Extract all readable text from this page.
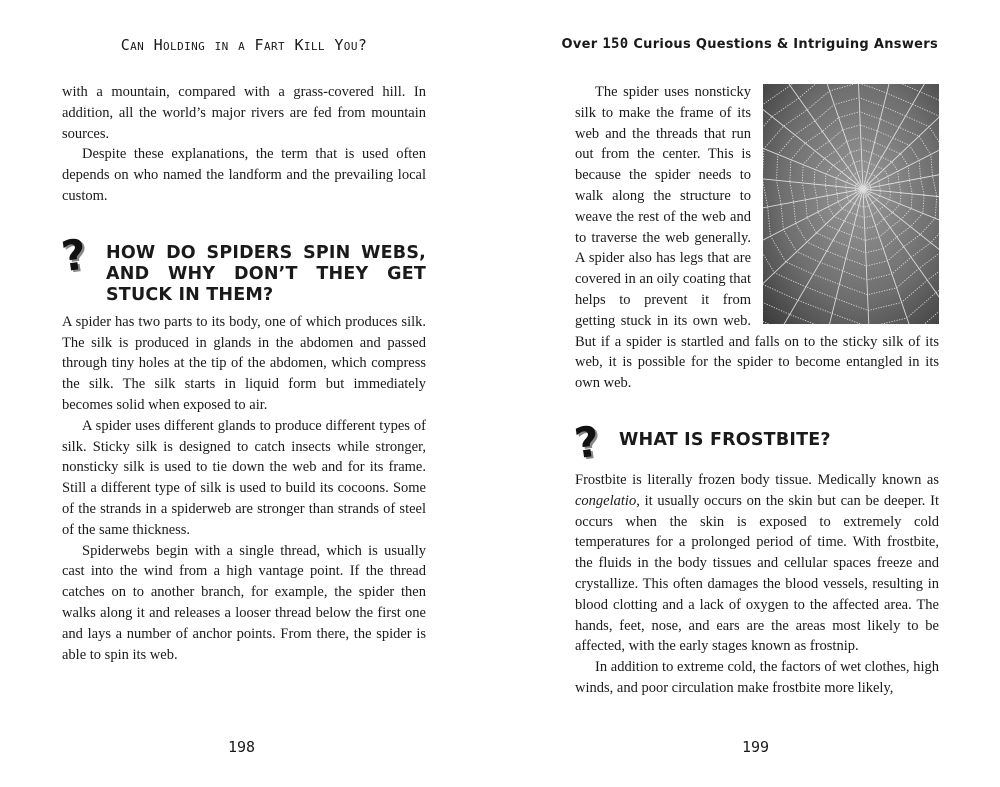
Can Holding in a Fart Kill You?

with a mountain, compared with a grass-covered hill. In addition, all the world’s major rivers are fed from mountain sources.

Despite these explanations, the term that is used often depends on who named the landform and the prevailing local custom.

? HOW DO SPIDERS SPIN WEBS, AND WHY DON’T THEY GET STUCK IN THEM?

A spider has two parts to its body, one of which produces silk. The silk is produced in glands in the abdomen and passed through tiny holes at the tip of the abdomen, which compress the silk. The silk starts in liquid form but immediately becomes solid when exposed to air.

A spider uses different glands to produce different types of silk. Sticky silk is designed to catch insects while stronger, nonsticky silk is used to tie down the web and for its frame. Still a different type of silk is used to build its cocoons. Some of the strands in a spiderweb are stronger than strands of steel of the same thickness.

Spiderwebs begin with a single thread, which is usually cast into the wind from a high vantage point. If the thread catches on to another branch, for example, the spider then walks along it and releases a looser thread below the first one and lays a number of anchor points. From there, the spider is able to spin its web.

198
Over 150 Curious Questions & Intriguing Answers

The spider uses nonsticky silk to make the frame of its web and the threads that run out from the center. This is because the spider needs to walk along the structure to weave the rest of the web and to traverse the web generally. A spider also has legs that are covered in an oily coating that helps to prevent it from getting stuck in its own web. But if a spider is startled and falls on to the sticky silk of its web, it is possible for the spider to become entangled in its own web.

? WHAT IS FROSTBITE?

Frostbite is literally frozen body tissue. Medically known as congelatio, it usually occurs on the skin but can be deeper. It occurs when the skin is exposed to extremely cold temperatures for a prolonged period of time. With frostbite, the fluids in the body tissues and cellular spaces freeze and crystallize. This often damages the blood vessels, resulting in blood clotting and a lack of oxygen to the affected area. The hands, feet, nose, and ears are the areas most likely to be affected, with the early stages known as frostnip.

In addition to extreme cold, the factors of wet clothes, high winds, and poor circulation make frostbite more likely,

199
